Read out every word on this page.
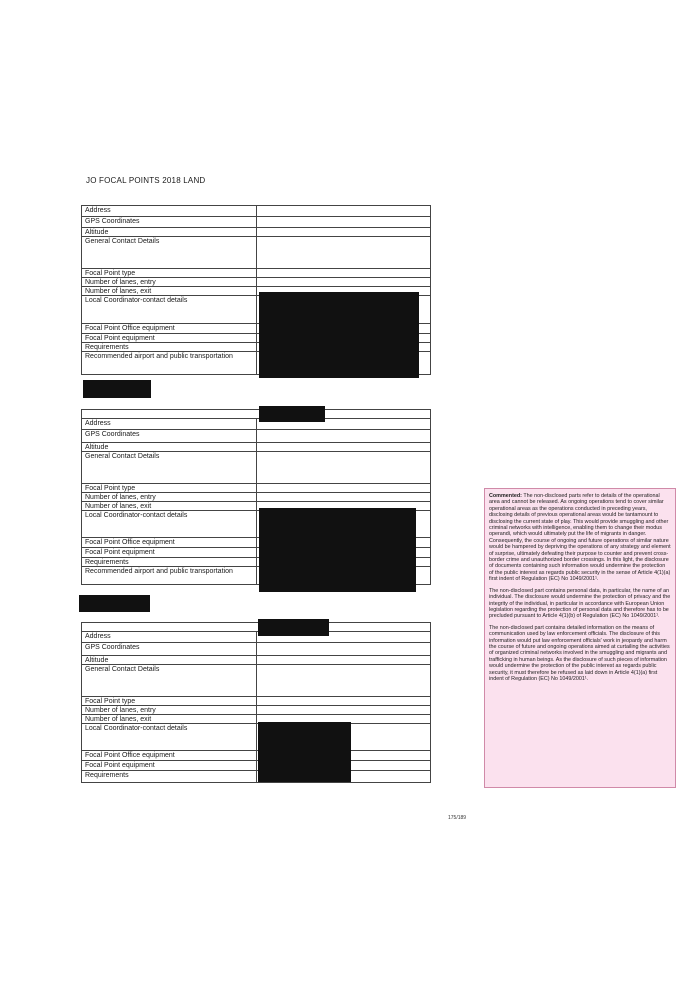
JO FOCAL POINTS 2018 LAND
Address
GPS Coordinates
Altitude
General Contact Details
Focal Point type
Number of lanes, entry
Number of lanes, exit
Local Coordinator-contact details
Focal Point Office equipment
Focal Point equipment
Requirements
Recommended airport and public transportation
Address
GPS Coordinates
Altitude
General Contact Details
Focal Point type
Number of lanes, entry
Number of lanes, exit
Local Coordinator-contact details
Focal Point Office equipment
Focal Point equipment
Requirements
Recommended airport and public transportation
Address
GPS Coordinates
Altitude
General Contact Details
Focal Point type
Number of lanes, entry
Number of lanes, exit
Local Coordinator-contact details
Focal Point Office equipment
Focal Point equipment
Requirements

Commented: The non-disclosed parts refer to details of the operational area and cannot be released. As ongoing operations tend to cover similar operational areas as the operations conducted in preceding years, disclosing details of previous operational areas would be tantamount to disclosing the current state of play. This would provide smuggling and other criminal networks with intelligence, enabling them to change their modus operandi, which would ultimately put the life of migrants in danger. Consequently, the course of ongoing and future operations of similar nature would be hampered by depriving the operations of any strategy and element of surprise, ultimately defeating their purpose to counter and prevent cross-border crime and unauthorized border crossings. In this light, the disclosure of documents containing such information would undermine the protection of the public interest as regards public security in the sense of Article 4(1)(a) first indent of Regulation (EC) No 1049/2001¹.

The non-disclosed part contains personal data, in particular, the name of an individual. The disclosure would undermine the protection of privacy and the integrity of the individual, in particular in accordance with European Union legislation regarding the protection of personal data and therefore has to be precluded pursuant to Article 4(1)(b) of Regulation (EC) No 1049/2001¹.

The non-disclosed part contains detailed information on the means of communication used by law enforcement officials. The disclosure of this information would put law enforcement officials' work in jeopardy and harm the course of future and ongoing operations aimed at curtailing the activities of organized criminal networks involved in the smuggling and migrants and trafficking in human beings. As the disclosure of such pieces of information would undermine the protection of the public interest as regards public security, it must therefore be refused as laid down in Article 4(1)(a) first indent of Regulation (EC) No 1049/2001¹.

175/189
